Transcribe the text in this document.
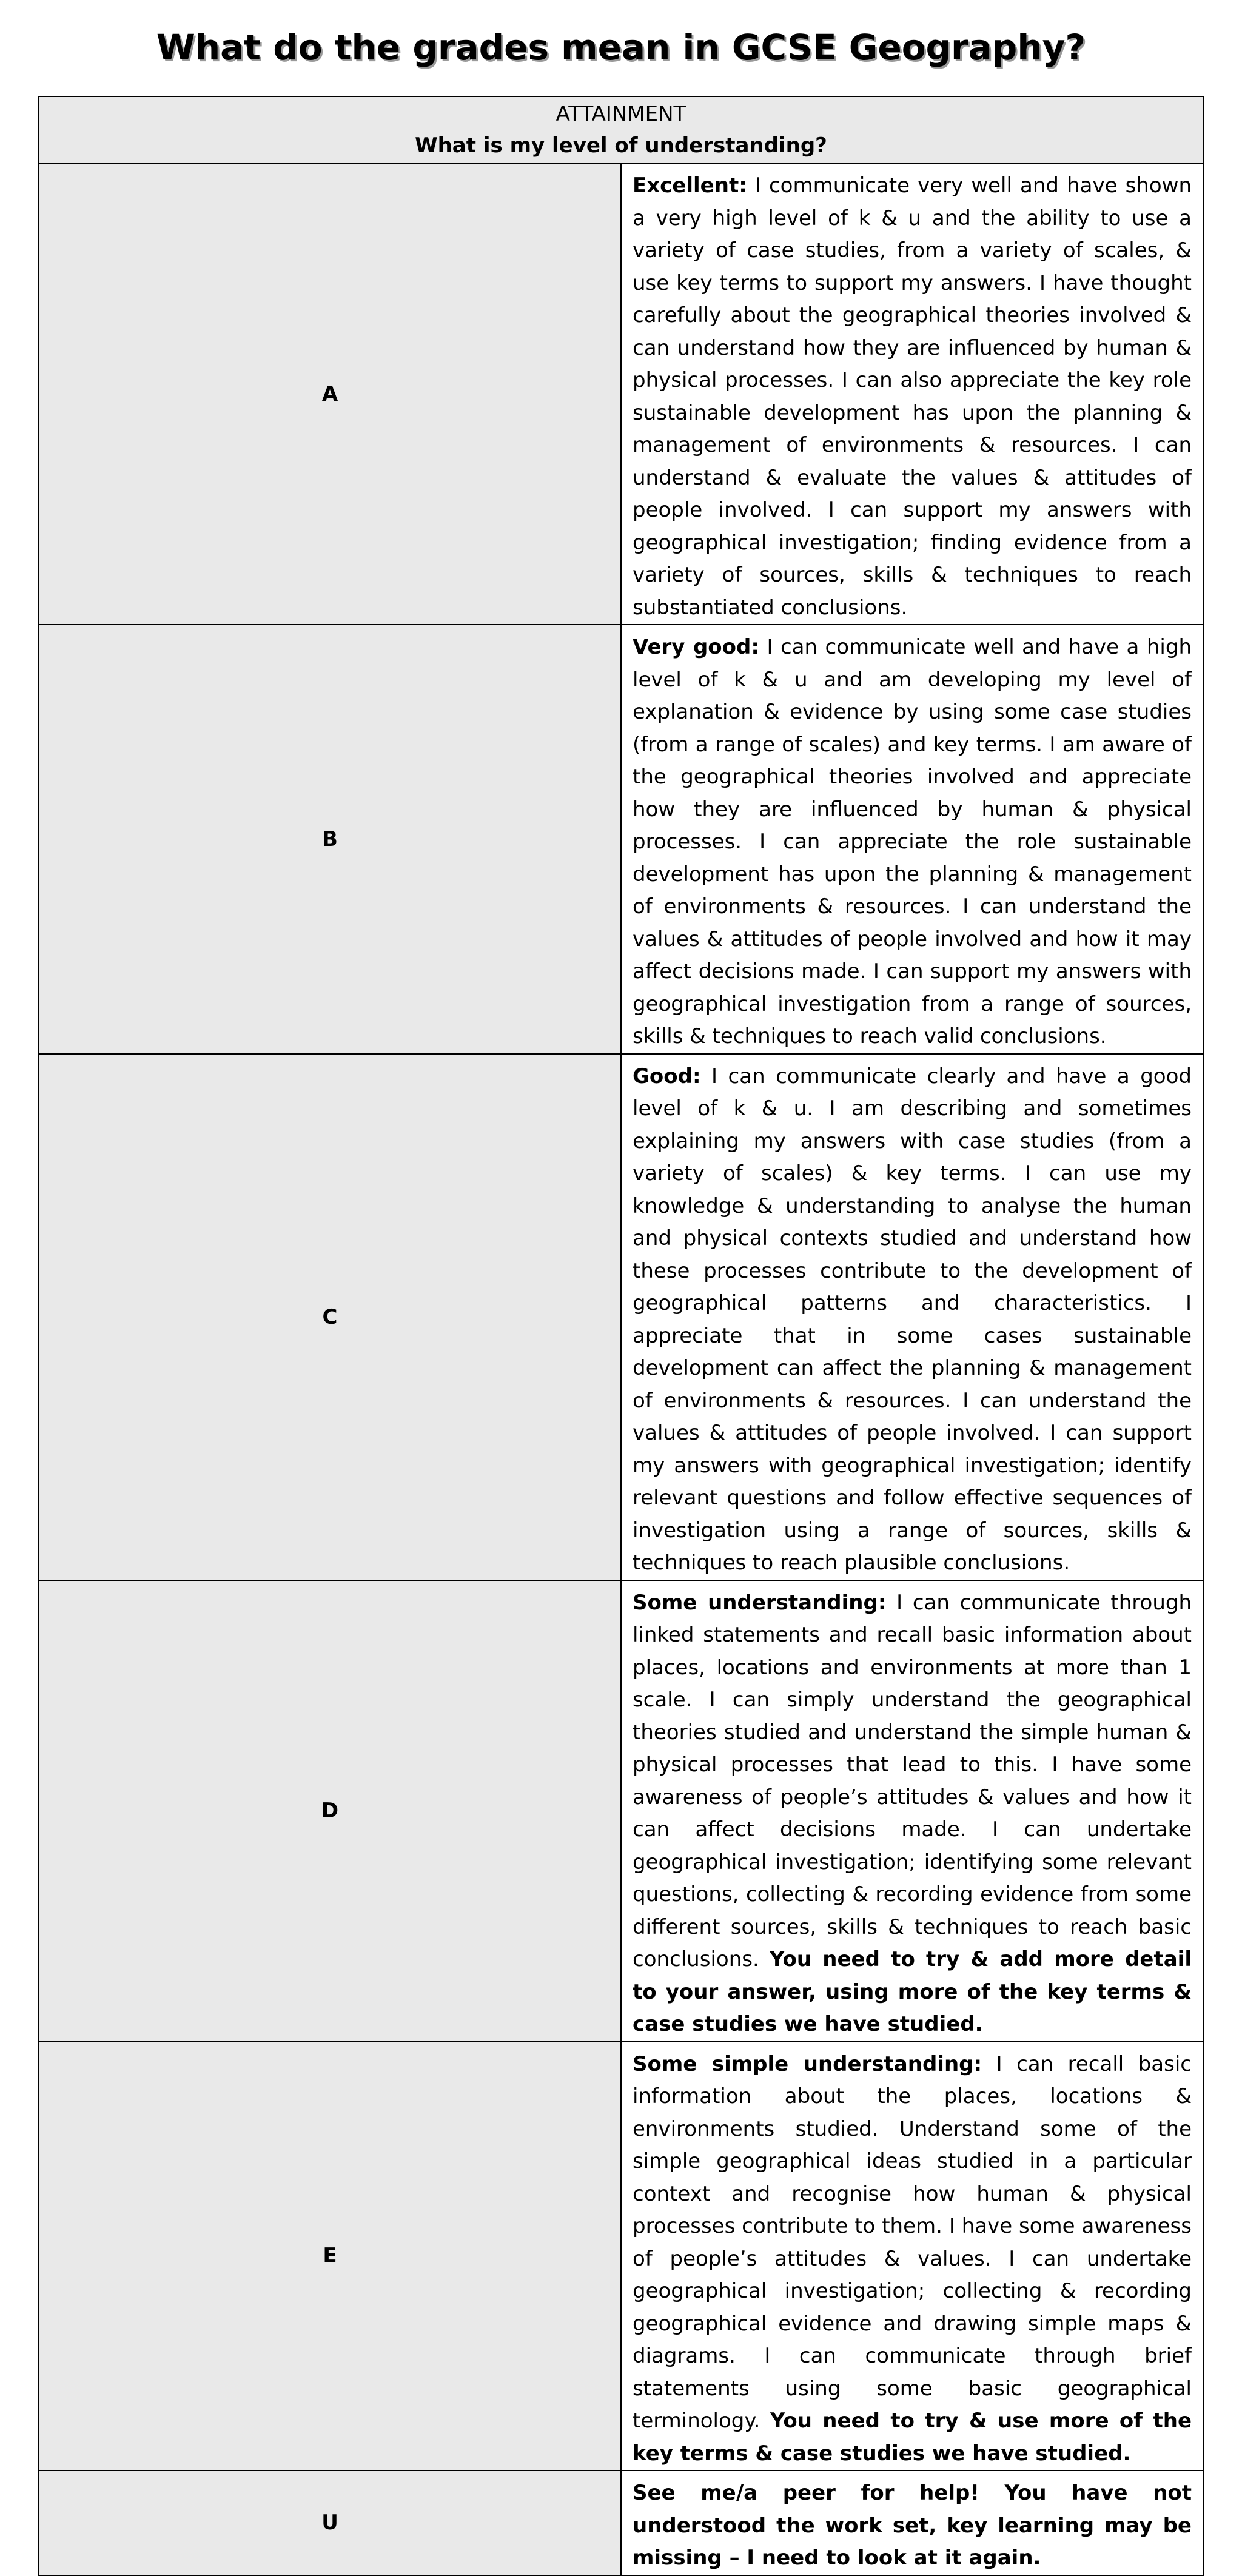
What do the grades mean in GCSE Geography?
ATTAINMENT
What is my level of understanding?	

A	Excellent: I communicate very well and have shown a very high level of k & u and the ability to use a variety of case studies, from a variety of scales, & use key terms to support my answers. I have thought carefully about the geographical theories involved & can understand how they are influenced by human & physical processes. I can also appreciate the key role sustainable development has upon the planning & management of environments & resources. I can understand & evaluate the values & attitudes of people involved. I can support my answers with geographical investigation; finding evidence from a variety of sources, skills & techniques to reach substantiated conclusions.
B	Very good: I can communicate well and have a high level of k & u and am developing my level of explanation & evidence by using some case studies (from a range of scales) and key terms. I am aware of the geographical theories involved and appreciate how they are influenced by human & physical processes. I can appreciate the role sustainable development has upon the planning & management of environments & resources. I can understand the values & attitudes of people involved and how it may affect decisions made. I can support my answers with geographical investigation from a range of sources, skills & techniques to reach valid conclusions.
C	Good: I can communicate clearly and have a good level of k & u. I am describing and sometimes explaining my answers with case studies (from a variety of scales) & key terms. I can use my knowledge & understanding to analyse the human and physical contexts studied and understand how these processes contribute to the development of geographical patterns and characteristics. I appreciate that in some cases sustainable development can affect the planning & management of environments & resources. I can understand the values & attitudes of people involved. I can support my answers with geographical investigation; identify relevant questions and follow effective sequences of investigation using a range of sources, skills & techniques to reach plausible conclusions.
D	Some understanding: I can communicate through linked statements and recall basic information about places, locations and environments at more than 1 scale. I can simply understand the geographical theories studied and understand the simple human & physical processes that lead to this. I have some awareness of people’s attitudes & values and how it can affect decisions made. I can undertake geographical investigation; identifying some relevant questions, collecting & recording evidence from some different sources, skills & techniques to reach basic conclusions. You need to try & add more detail to your answer, using more of the key terms & case studies we have studied.
E	Some simple understanding: I can recall basic information about the places, locations & environments studied. Understand some of the simple geographical ideas studied in a particular context and recognise how human & physical processes contribute to them. I have some awareness of people’s attitudes & values. I can undertake geographical investigation; collecting & recording geographical evidence and drawing simple maps & diagrams. I can communicate through brief statements using some basic geographical terminology. You need to try & use more of the key terms & case studies we have studied.
U	See me/a peer for help! You have not understood the work set, key learning may be missing – I need to look at it again.
